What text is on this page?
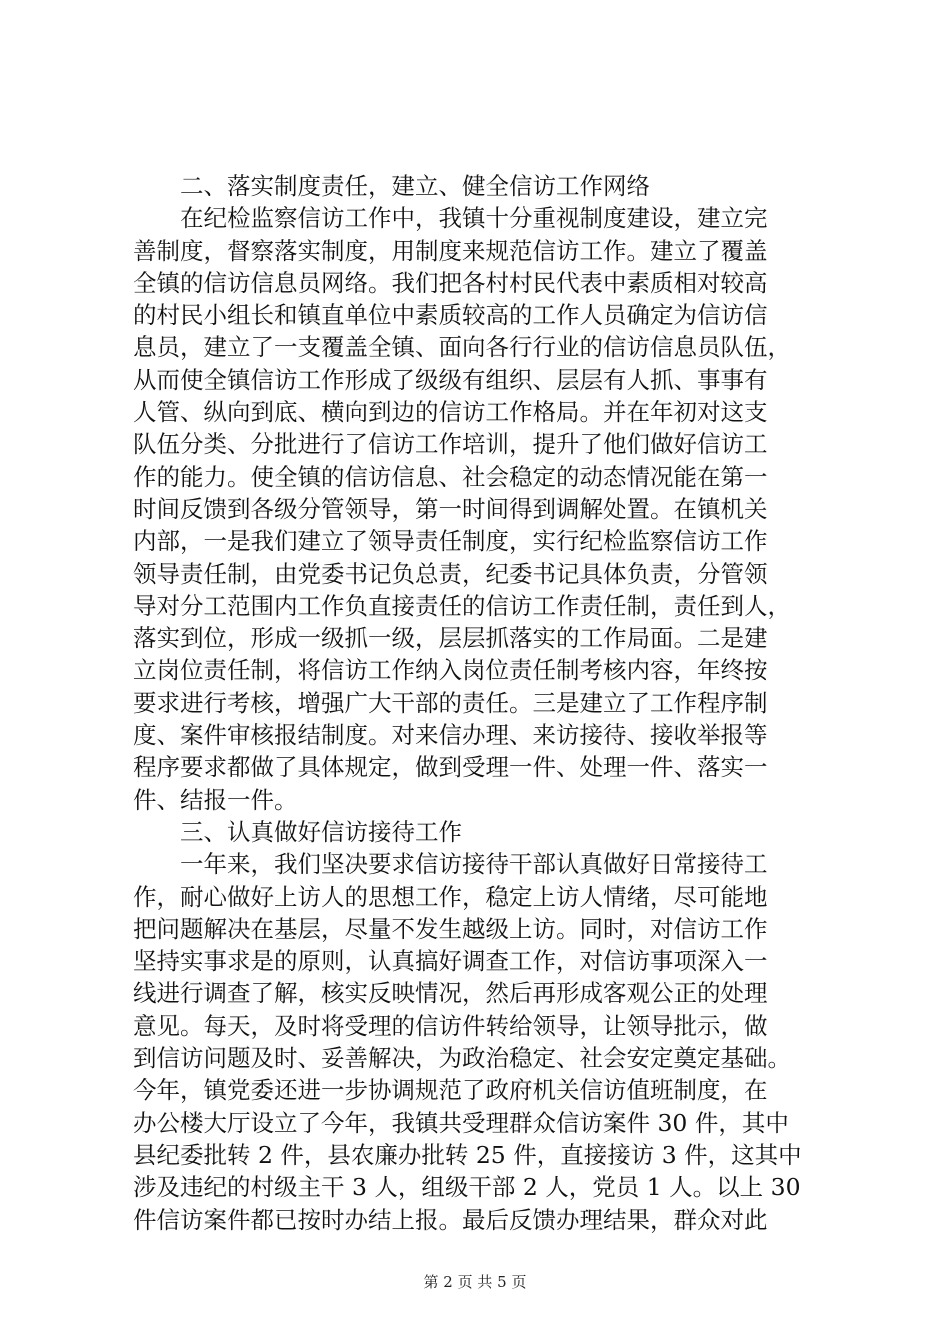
二、落实制度责任，建立、健全信访工作网络
在纪检监察信访工作中，我镇十分重视制度建设，建立完
善制度，督察落实制度，用制度来规范信访工作。建立了覆盖
全镇的信访信息员网络。我们把各村村民代表中素质相对较高
的村民小组长和镇直单位中素质较高的工作人员确定为信访信
息员，建立了一支覆盖全镇、面向各行行业的信访信息员队伍，
从而使全镇信访工作形成了级级有组织、层层有人抓、事事有
人管、纵向到底、横向到边的信访工作格局。并在年初对这支
队伍分类、分批进行了信访工作培训，提升了他们做好信访工
作的能力。使全镇的信访信息、社会稳定的动态情况能在第一
时间反馈到各级分管领导，第一时间得到调解处置。在镇机关
内部，一是我们建立了领导责任制度，实行纪检监察信访工作
领导责任制，由党委书记负总责，纪委书记具体负责，分管领
导对分工范围内工作负直接责任的信访工作责任制，责任到人，
落实到位，形成一级抓一级，层层抓落实的工作局面。二是建
立岗位责任制，将信访工作纳入岗位责任制考核内容，年终按
要求进行考核，增强广大干部的责任。三是建立了工作程序制
度、案件审核报结制度。对来信办理、来访接待、接收举报等
程序要求都做了具体规定，做到受理一件、处理一件、落实一
件、结报一件。
三、认真做好信访接待工作
一年来，我们坚决要求信访接待干部认真做好日常接待工
作，耐心做好上访人的思想工作，稳定上访人情绪，尽可能地
把问题解决在基层，尽量不发生越级上访。同时，对信访工作
坚持实事求是的原则，认真搞好调查工作，对信访事项深入一
线进行调查了解，核实反映情况，然后再形成客观公正的处理
意见。每天，及时将受理的信访件转给领导，让领导批示，做
到信访问题及时、妥善解决，为政治稳定、社会安定奠定基础。
今年，镇党委还进一步协调规范了政府机关信访值班制度，在
办公楼大厅设立了今年，我镇共受理群众信访案件 30 件，其中
县纪委批转 2 件，县农廉办批转 25 件，直接接访 3 件，这其中
涉及违纪的村级主干 3 人，组级干部 2 人，党员 1 人。以上 30
件信访案件都已按时办结上报。最后反馈办理结果，群众对此
第 2 页 共 5 页
